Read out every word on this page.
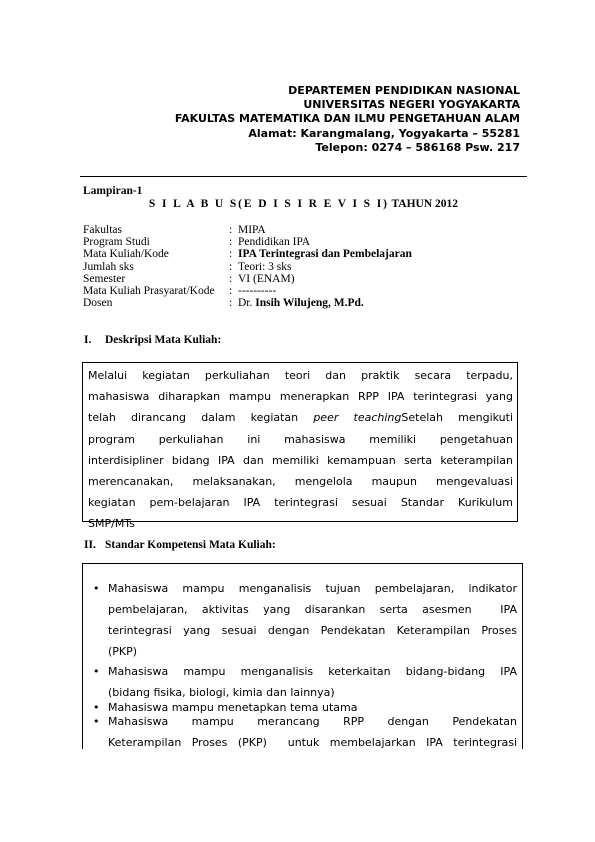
DEPARTEMEN PENDIDIKAN NASIONAL
UNIVERSITAS NEGERI YOGYAKARTA
FAKULTAS MATEMATIKA DAN ILMU PENGETAHUAN ALAM
Alamat: Karangmalang, Yogyakarta – 55281
Telepon: 0274 – 586168 Psw. 217
Lampiran-1
S I L A B U S(E D I S I R E V I S I) TAHUN 2012
Fakultas	: MIPA
Program Studi	: Pendidikan IPA
Mata Kuliah/Kode	: IPA Terintegrasi dan Pembelajaran
Jumlah sks	: Teori: 3 sks
Semester	: VI (ENAM)
Mata Kuliah Prasyarat/Kode	: ----------
Dosen	: Dr. Insih Wilujeng, M.Pd.
I. Deskripsi Mata Kuliah:
Melalui kegiatan perkuliahan teori dan praktik secara terpadu,
mahasiswa diharapkan mampu menerapkan RPP IPA terintegrasi yang
telah dirancang dalam kegiatan peer teachingSetelah mengikuti
program perkuliahan ini mahasiswa memiliki pengetahuan
interdisipliner bidang IPA dan memiliki kemampuan serta keterampilan
merencanakan, melaksanakan, mengelola maupun mengevaluasi
kegiatan pem-belajaran IPA terintegrasi sesuai Standar Kurikulum
SMP/MTs
II. Standar Kompetensi Mata Kuliah:
• Mahasiswa mampu menganalisis tujuan pembelajaran, indikator
pembelajaran, aktivitas yang disarankan serta asesmen  IPA
terintegrasi yang sesuai dengan Pendekatan Keterampilan Proses
(PKP)
• Mahasiswa mampu menganalisis keterkaitan bidang-bidang IPA
(bidang fisika, biologi, kimia dan lainnya)
• Mahasiswa mampu menetapkan tema utama
• Mahasiswa mampu merancang RPP dengan Pendekatan
Keterampilan Proses (PKP)  untuk membelajarkan IPA terintegrasi
